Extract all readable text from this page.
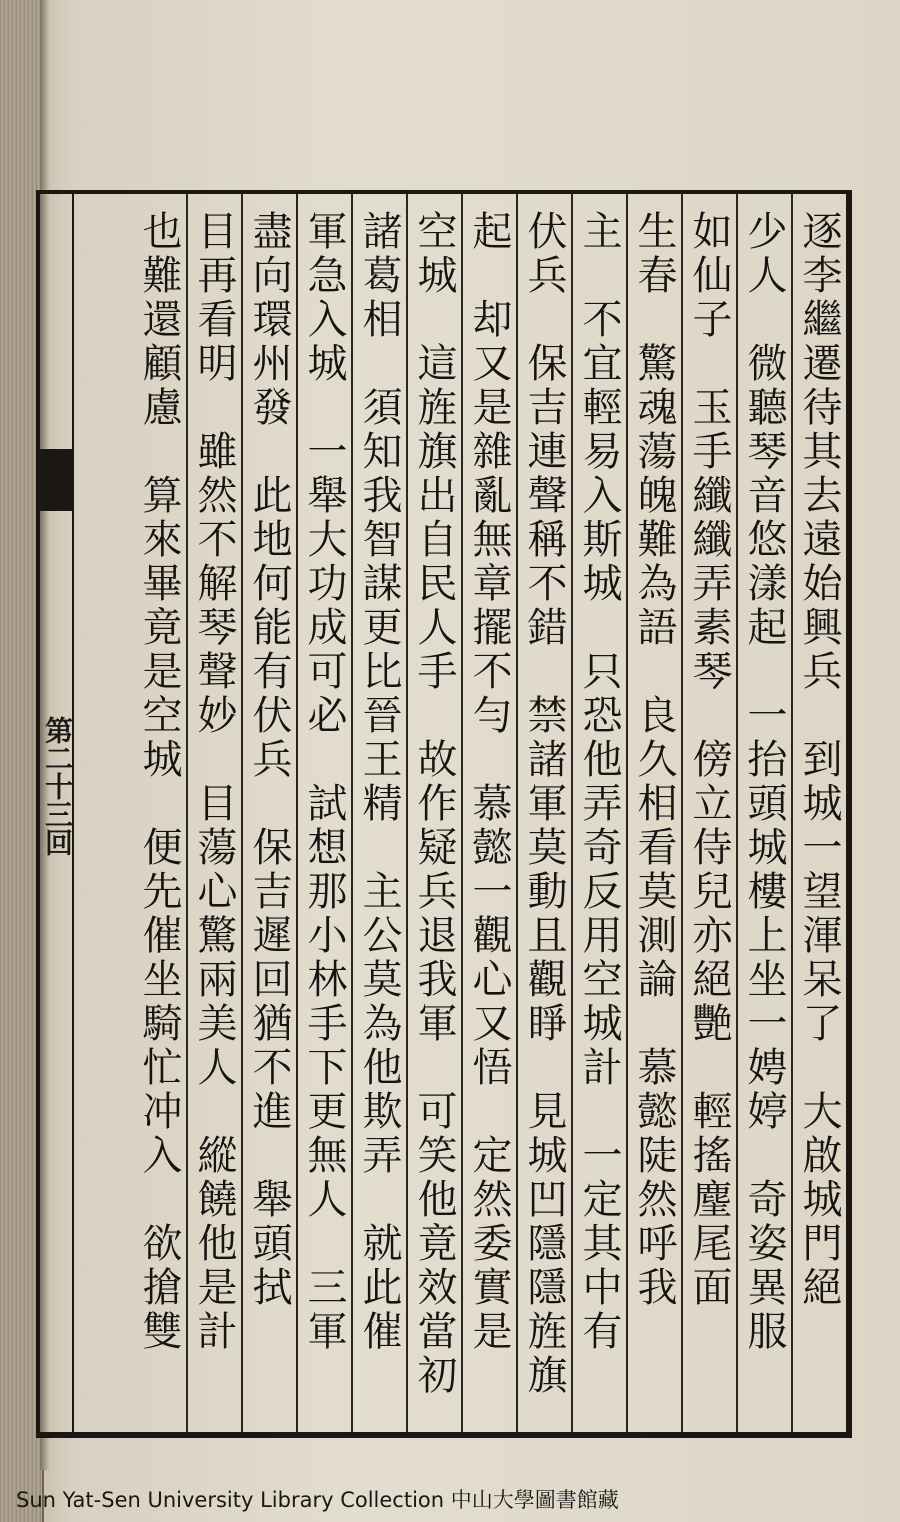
第二十三回	逐李繼遷待其去遠始興兵　到城一望渾呆了　大啟城門絕
少人　微聽琴音悠漾起　一抬頭城樓上坐一娉婷　奇姿異服
如仙子　玉手纖纖弄素琴　傍立侍兒亦絕艷　輕搖麈尾面
生春　驚魂蕩魄難為語　良久相看莫測論　慕懿陡然呼我
主　不宜輕易入斯城　只恐他弄奇反用空城計　一定其中有
伏兵　保吉連聲稱不錯　禁諸軍莫動且觀睜　見城凹隱隱旌旗
起　却又是雜亂無章擺不勻　慕懿一觀心又悟　定然委實是
空城　這旌旗出自民人手　故作疑兵退我軍　可笑他竟效當初
諸葛相　須知我智謀更比晉王精　主公莫為他欺弄　就此催
軍急入城　一舉大功成可必　試想那小林手下更無人　三軍
盡向環州發　此地何能有伏兵　保吉遲回猶不進　舉頭拭
目再看明　雖然不解琴聲妙　目蕩心驚兩美人　縱饒他是計
也難還顧慮　算來畢竟是空城　便先催坐騎忙冲入　欲搶雙
Sun Yat-Sen University Library Collection 中山大學圖書館藏
